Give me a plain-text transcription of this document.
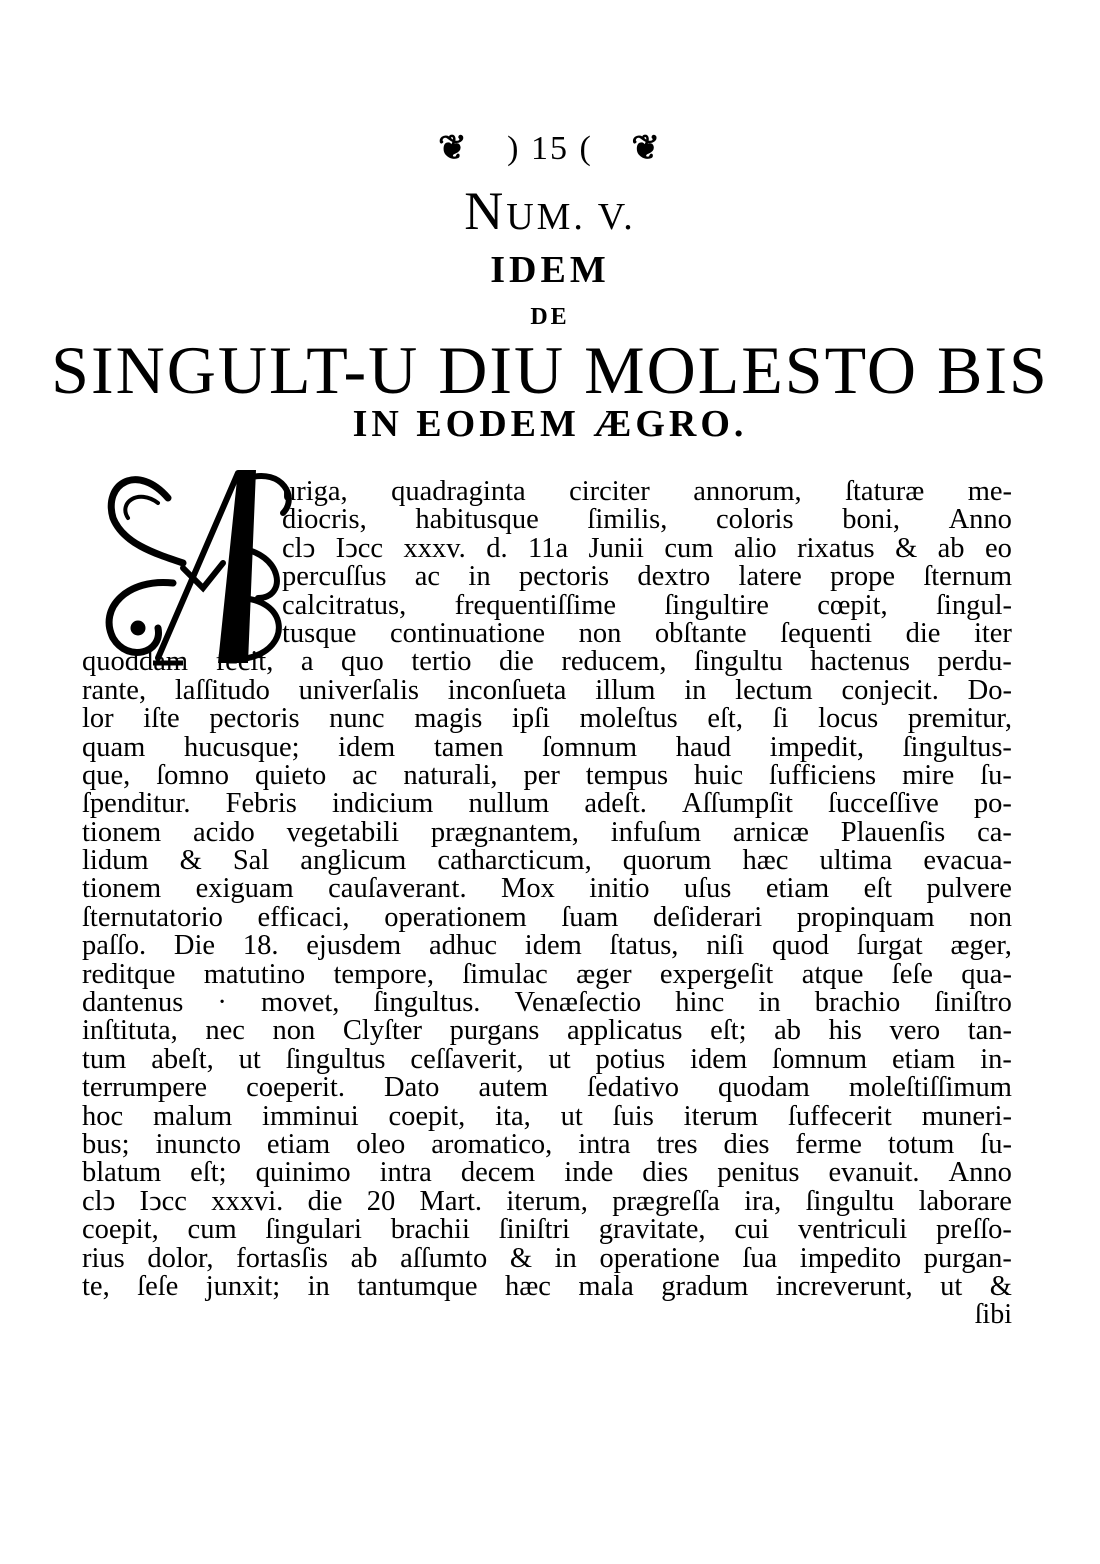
❦ ) 15 ( ❦
NUM. V.
IDEM
DE
SINGULT-U DIU MOLESTO BIS
IN EODEM ÆGRO.
uriga, quadraginta circiter annorum, ſtaturæ me-
diocris, habitusque ſimilis, coloris boni, Anno
clↄ Iↄcc xxxv. d. 11a Junii cum alio rixatus & ab eo
percuſſus ac in pectoris dextro latere prope ſternum
calcitratus, frequentiſſime ſingultire cœpit, ſingul-
tusque continuatione non obſtante ſequenti die iter
quoddam fecit, a quo tertio die reducem, ſingultu hactenus perdu-
rante, laſſitudo univerſalis inconſueta illum in lectum conjecit. Do-
lor iſte pectoris nunc magis ipſi moleſtus eſt, ſi locus premitur,
quam hucusque; idem tamen ſomnum haud impedit, ſingultus-
que, ſomno quieto ac naturali, per tempus huic ſufficiens mire ſu-
ſpenditur. Febris indicium nullum adeſt. Aſſumpſit ſucceſſive po-
tionem acido vegetabili prægnantem, infuſum arnicæ Plauenſis ca-
lidum & Sal anglicum catharcticum, quorum hæc ultima evacua-
tionem exiguam cauſaverant. Mox initio uſus etiam eſt pulvere
ſternutatorio efficaci, operationem ſuam deſiderari propinquam non
paſſo. Die 18. ejusdem adhuc idem ſtatus, niſi quod ſurgat æger,
reditque matutino tempore, ſimulac æger expergeſit atque ſeſe qua-
dantenus · movet, ſingultus. Venæſectio hinc in brachio ſiniſtro
inſtituta, nec non Clyſter purgans applicatus eſt; ab his vero tan-
tum abeſt, ut ſingultus ceſſaverit, ut potius idem ſomnum etiam in-
terrumpere coeperit. Dato autem ſedativo quodam moleſtiſſimum
hoc malum imminui coepit, ita, ut ſuis iterum ſuffecerit muneri-
bus; inuncto etiam oleo aromatico, intra tres dies ferme totum ſu-
blatum eſt; quinimo intra decem inde dies penitus evanuit. Anno
clↄ Iↄcc xxxvi. die 20 Mart. iterum, prægreſſa ira, ſingultu laborare
coepit, cum ſingulari brachii ſiniſtri gravitate, cui ventriculi preſſo-
rius dolor, fortasſis ab aſſumto & in operatione ſua impedito purgan-
te, ſeſe junxit; in tantumque hæc mala gradum increverunt, ut &
ſibi
